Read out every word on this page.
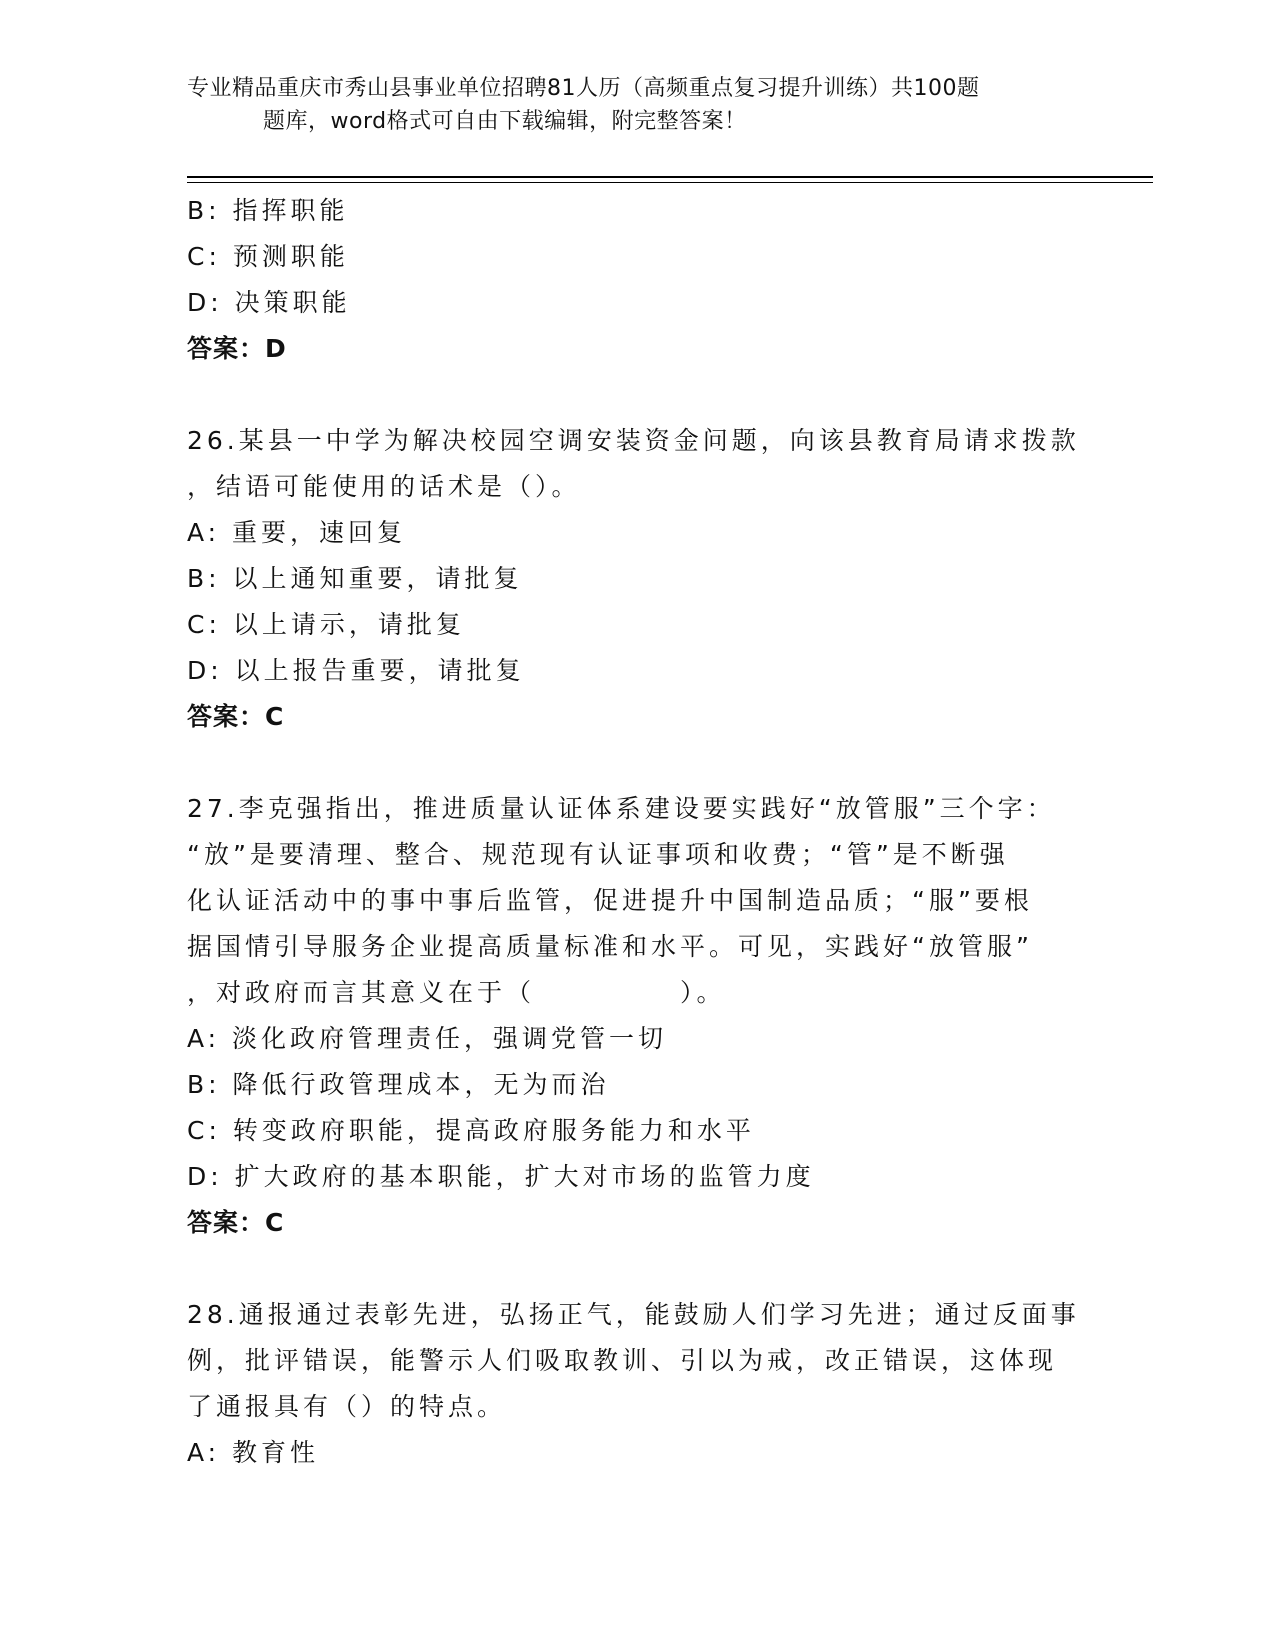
专业精品重庆市秀山县事业单位招聘81人历（高频重点复习提升训练）共100题
题库，word格式可自由下载编辑，附完整答案！
B: 指挥职能
C: 预测职能
D: 决策职能
答案：D
26.某县一中学为解决校园空调安装资金问题，向该县教育局请求拨款
，结语可能使用的话术是（）。
A: 重要，速回复
B: 以上通知重要，请批复
C: 以上请示，请批复
D: 以上报告重要，请批复
答案：C
27.李克强指出，推进质量认证体系建设要实践好“放管服”三个字：
“放”是要清理、整合、规范现有认证事项和收费；“管”是不断强
化认证活动中的事中事后监管，促进提升中国制造品质；“服”要根
据国情引导服务企业提高质量标准和水平。可见，实践好“放管服”
，对政府而言其意义在于（　　　　　）。
A: 淡化政府管理责任，强调党管一切
B: 降低行政管理成本，无为而治
C: 转变政府职能，提高政府服务能力和水平
D: 扩大政府的基本职能，扩大对市场的监管力度
答案：C
28.通报通过表彰先进，弘扬正气，能鼓励人们学习先进；通过反面事
例，批评错误，能警示人们吸取教训、引以为戒，改正错误，这体现
了通报具有（）的特点。
A: 教育性
